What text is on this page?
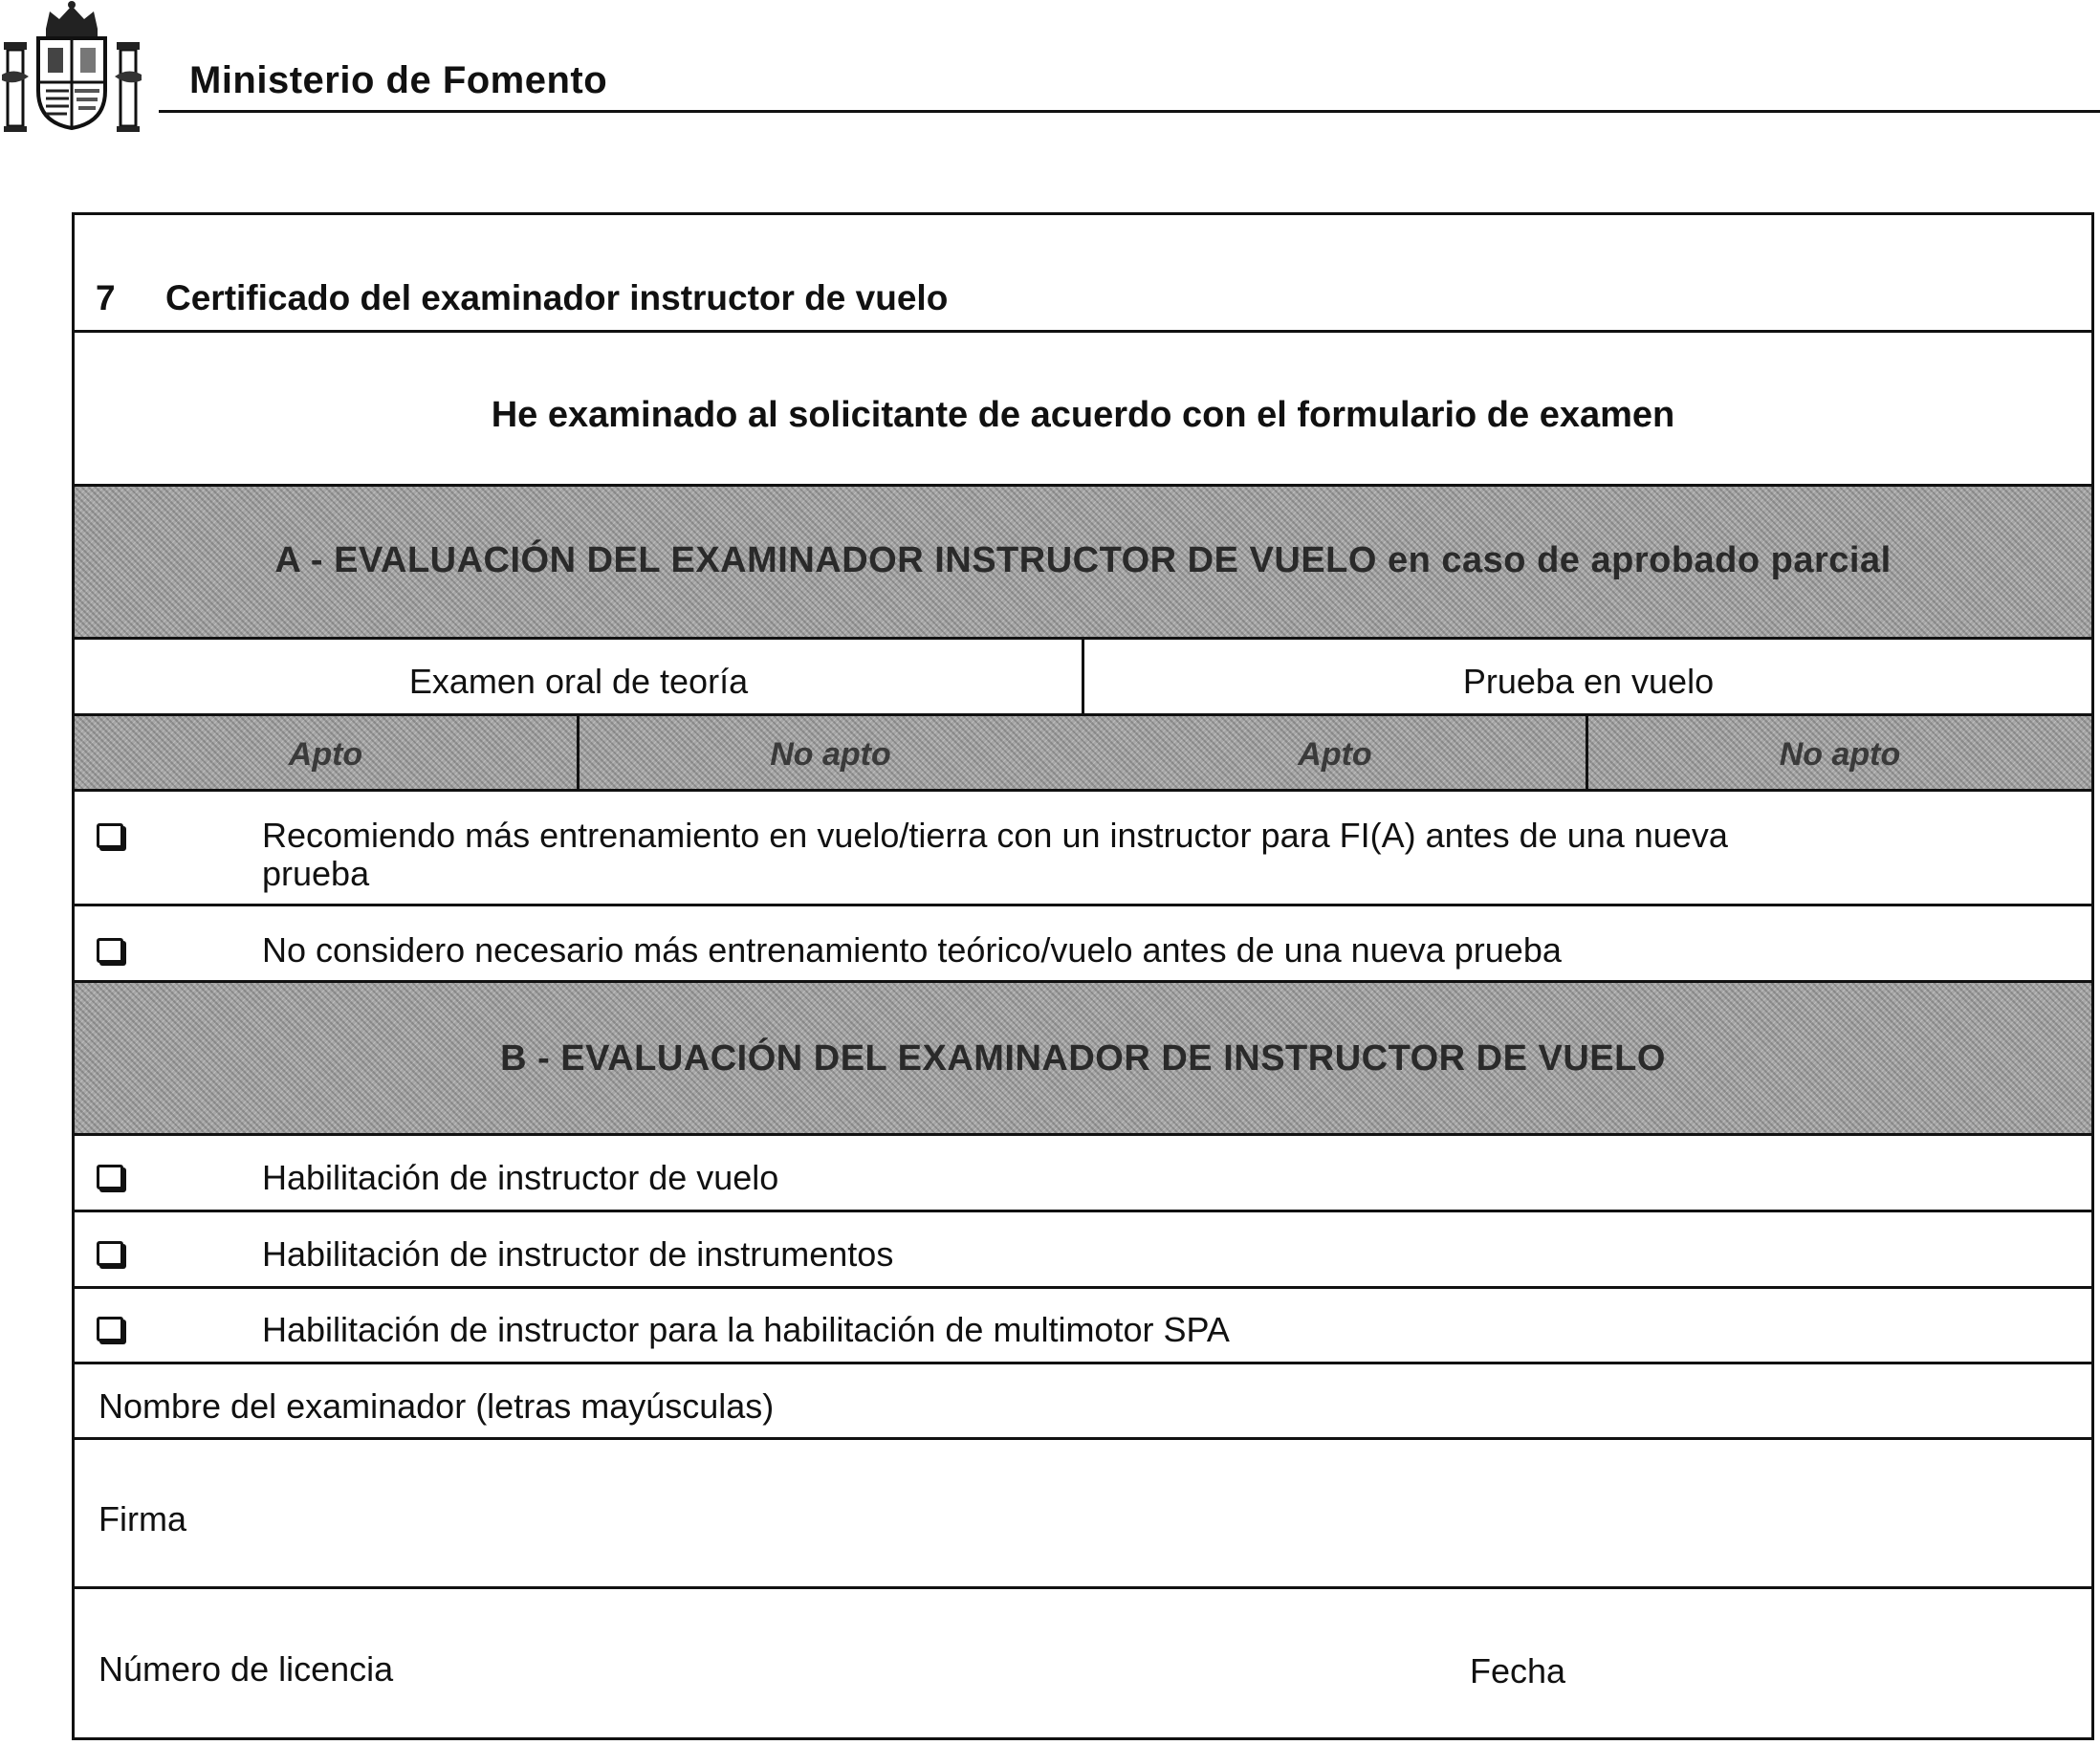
Ministerio de Fomento
7 Certificado del examinador instructor de vuelo
He examinado al solicitante de acuerdo con el formulario de examen
A - EVALUACIÓN DEL EXAMINADOR INSTRUCTOR DE VUELO en caso de aprobado parcial
Examen oral de teoría	Prueba en vuelo
Apto	No apto	Apto	No apto
Recomiendo más entrenamiento en vuelo/tierra con un instructor para FI(A) antes de una nueva
prueba
No considero necesario más entrenamiento teórico/vuelo antes de una nueva prueba
B - EVALUACIÓN DEL EXAMINADOR DE INSTRUCTOR DE VUELO
Habilitación de instructor de vuelo
Habilitación de instructor de instrumentos
Habilitación de instructor para la habilitación de multimotor SPA
Nombre del examinador (letras mayúsculas)
Firma
Número de licencia	Fecha
